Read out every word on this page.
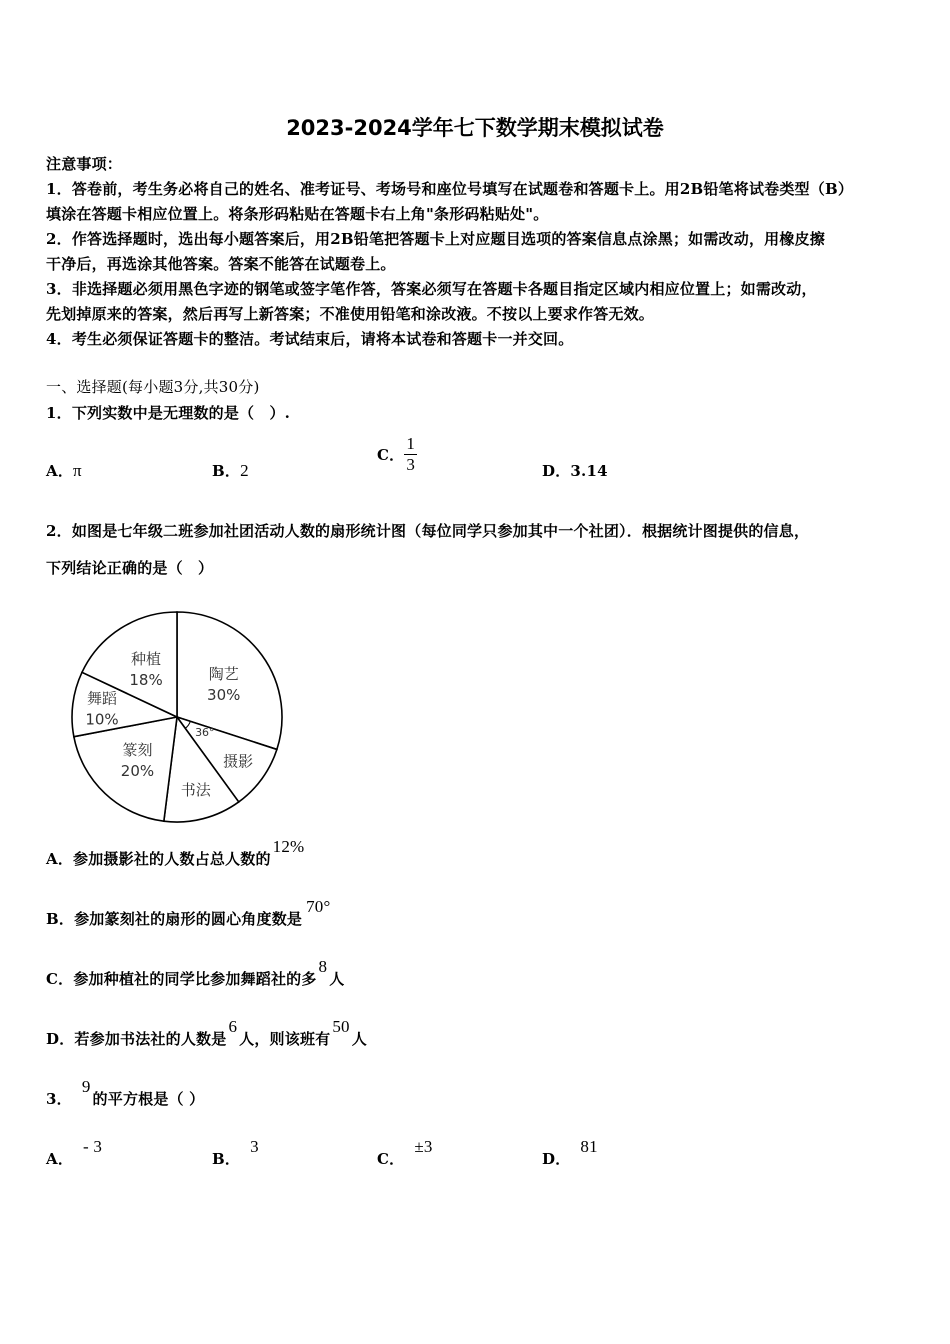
2023-2024学年七下数学期末模拟试卷
注意事项：
1．答卷前，考生务必将自己的姓名、准考证号、考场号和座位号填写在试题卷和答题卡上。用2B铅笔将试卷类型（B）
填涂在答题卡相应位置上。将条形码粘贴在答题卡右上角"条形码粘贴处"。
2．作答选择题时，选出每小题答案后，用2B铅笔把答题卡上对应题目选项的答案信息点涂黑；如需改动，用橡皮擦
干净后，再选涂其他答案。答案不能答在试题卷上。
3．非选择题必须用黑色字迹的钢笔或签字笔作答，答案必须写在答题卡各题目指定区域内相应位置上；如需改动，
先划掉原来的答案，然后再写上新答案；不准使用铅笔和涂改液。不按以上要求作答无效。
4．考生必须保证答题卡的整洁。考试结束后，请将本试卷和答题卡一并交回。
一、选择题(每小题3分,共30分)
1．下列实数中是无理数的是（　）.
A．π	B．2
C． $\frac{1}{3}$	D．3.14
2．如图是七年级二班参加社团活动人数的扇形统计图（每位同学只参加其中一个社团）．根据统计图提供的信息，
下列结论正确的是（　）
陶艺
30%
摄影
36°
书法
篆刻
20%
舞蹈
10%
种植
18%
A．参加摄影社的人数占总人数的12%
B．参加篆刻社的扇形的圆心角度数是70°
C．参加种植社的同学比参加舞蹈社的多8人
D．若参加书法社的人数是6人，则该班有50人
3．9的平方根是（ ）
A．- 3
B．3
C．±3
D．81
